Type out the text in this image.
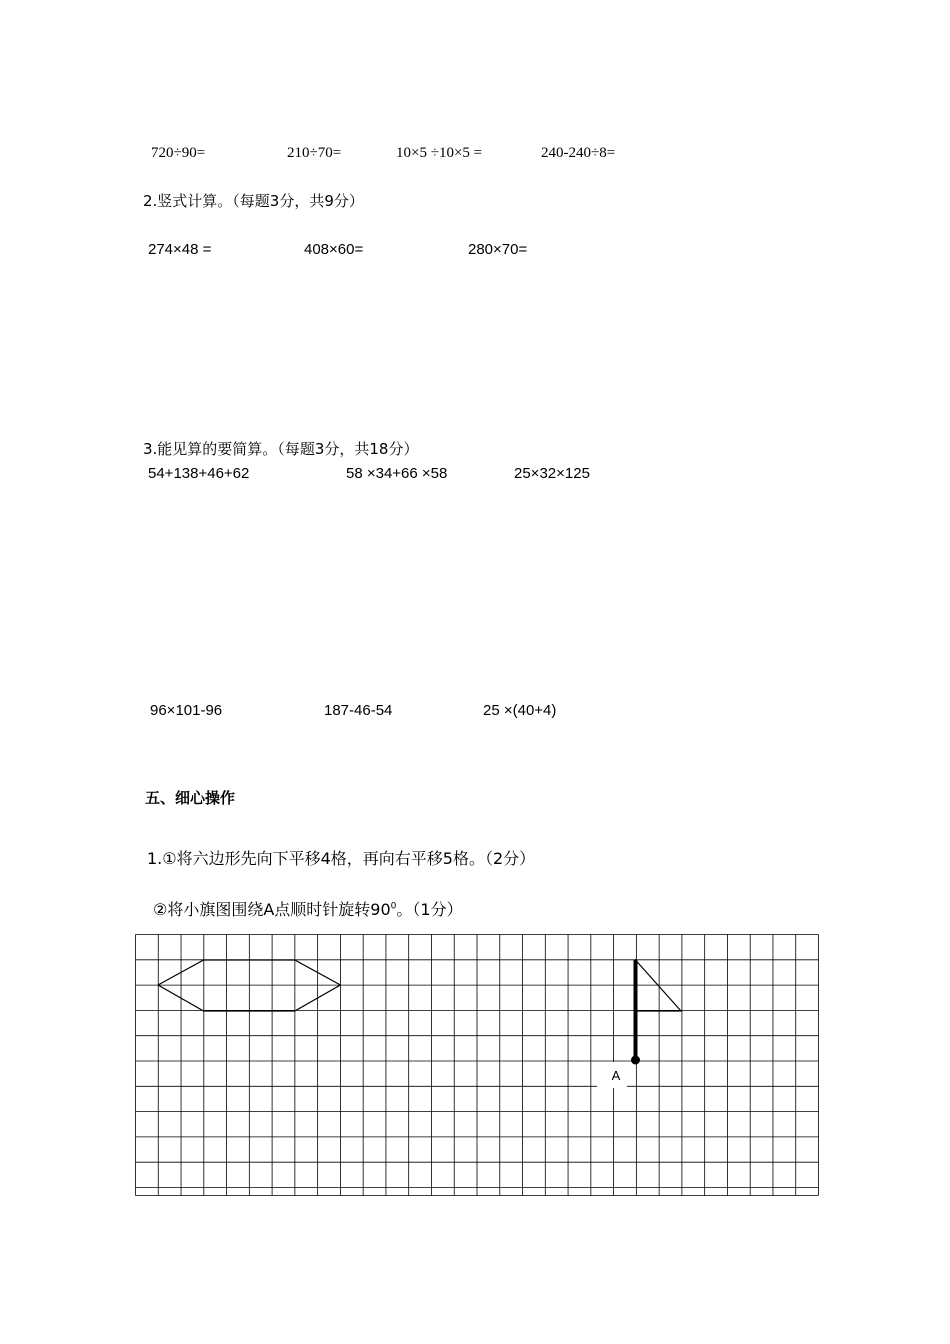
720÷90=	210÷70=	10×5 ÷10×5 =	240-240÷8=
2.竖式计算。（每题3分，共9分）
274×48 =	408×60=	280×70=
3.能见算的要简算。（每题3分，共18分）
54+138+46+62	58 ×34+66 ×58	25×32×125
96×101-96	187-46-54	25 ×(40+4)
五、细心操作
1.①将六边形先向下平移4格，再向右平移5格。（2分）
②将小旗图围绕A点顺时针旋转$90^0$。（1分）
A
